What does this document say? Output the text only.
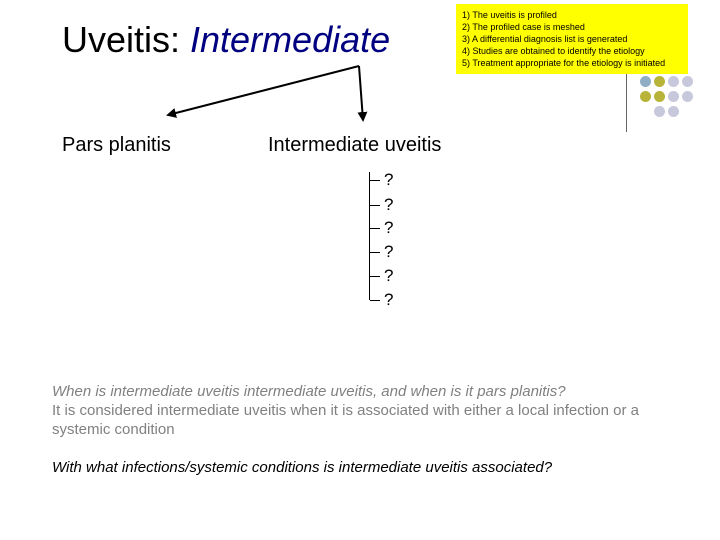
Uveitis: Intermediate
1) The uveitis is profiled
2) The profiled case is meshed
3) A differential diagnosis list is generated
4) Studies are obtained to identify the etiology
5) Treatment appropriate for the etiology is initiated
Pars planitis	Intermediate uveitis
?
?
?
?
?
?
When is intermediate uveitis intermediate uveitis, and when is it pars planitis?
It is considered intermediate uveitis when it is associated with either a local infection or a systemic condition
With what infections/systemic conditions is intermediate uveitis associated?
